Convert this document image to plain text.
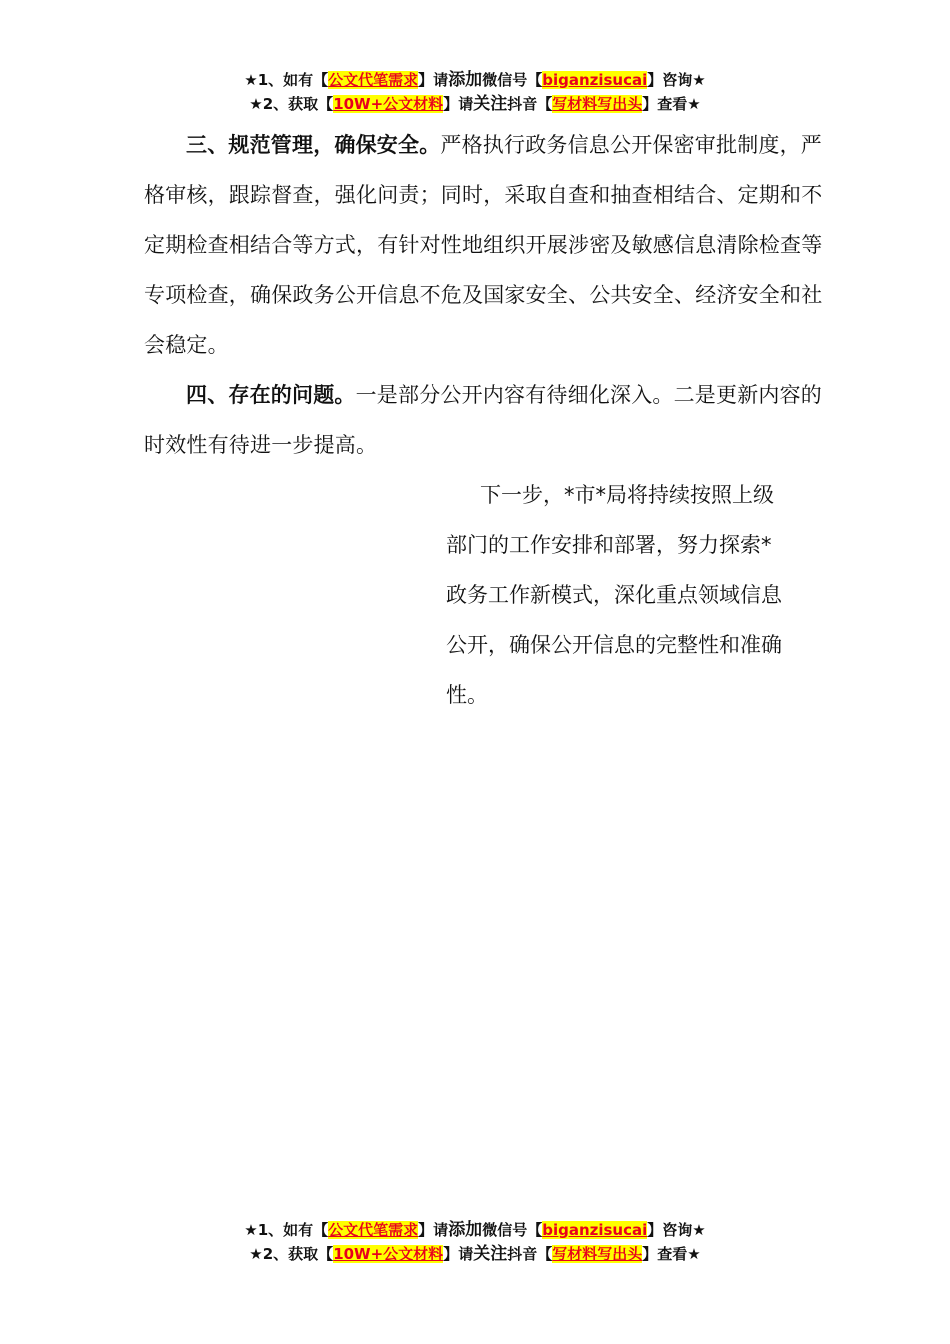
★1、如有【公文代笔需求】请添加微信号【biganzisucai】咨询★
★2、获取【10W+公文材料】请关注抖音【写材料写出头】查看★

三、规范管理，确保安全。严格执行政务信息公开保密审批制度，严格审核，跟踪督查，强化问责；同时，采取自查和抽查相结合、定期和不定期检查相结合等方式，有针对性地组织开展涉密及敏感信息清除检查等专项检查，确保政务公开信息不危及国家安全、公共安全、经济安全和社会稳定。

四、存在的问题。一是部分公开内容有待细化深入。二是更新内容的时效性有待进一步提高。

下一步，*市*局将持续按照上级
部门的工作安排和部署，努力探索*
政务工作新模式，深化重点领域信息
公开，确保公开信息的完整性和准确
性。
★1、如有【公文代笔需求】请添加微信号【biganzisucai】咨询★
★2、获取【10W+公文材料】请关注抖音【写材料写出头】查看★
